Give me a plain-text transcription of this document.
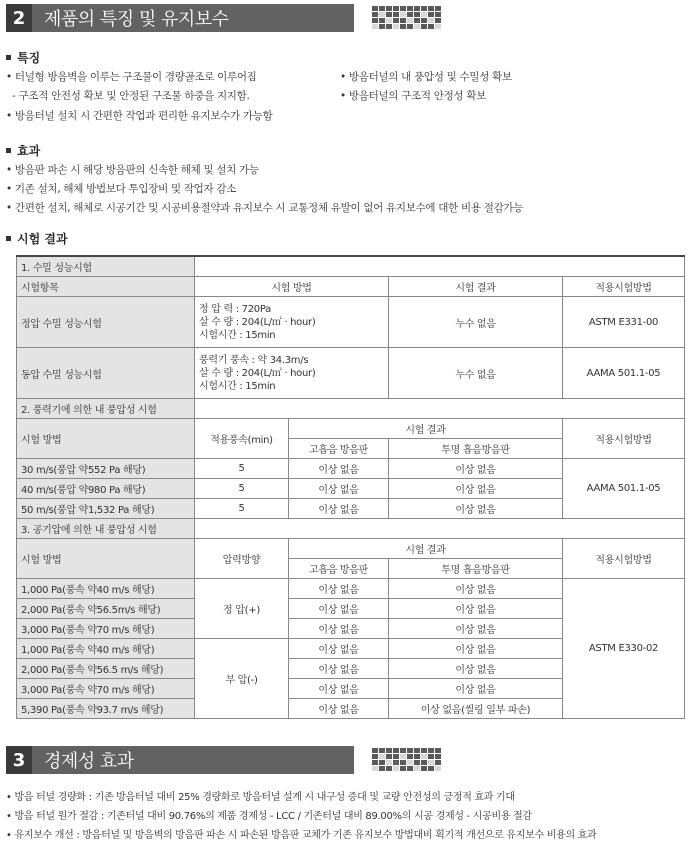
2	제품의 특징 및 유지보수
특징
• 터널형 방음벽을 이루는 구조물이 경량골조로 이루어짐
- 구조적 안전성 확보 및 안정된 구조물 하중을 지지함.
• 방음터널 설치 시 간편한 작업과 편리한 유지보수가 가능함
• 방음터널의 내 풍압성 및 수밀성 확보
• 방음터널의 구조적 안정성 확보
효과
• 방음판 파손 시 해당 방음판의 신속한 해체 및 설치 가능
• 기존 설치, 해체 방법보다 투입장비 및 작업자 감소
• 간편한 설치, 해체로 시공기간 및 시공비용절약과 유지보수 시 교통정체 유발이 없어 유지보수에 대한 비용 절감가능
시험 결과
1. 수밀 성능시험				
시험항목	시험 방법		시험 결과	적용시험방법
정압 수밀 성능시험	정 압 력 : 720Pa
살 수 량 : 204(L/㎡ · hour)
시험시간 : 15min		누수 없음	ASTM E331-00
동압 수밀 성능시험	풍력기 풍속 : 약 34.3m/s
살 수 량 : 204(L/㎡ · hour)
시험시간 : 15min		누수 없음	AAMA 501.1-05
2. 풍력기에 의한 내 풍압성 시험				
시험 방법	적용풍속(min)	시험 결과		적용시험방법
		고흡음 방음판	투명 흡음방음판	
30 m/s(풍압 약552 Pa 해당)	5	이상 없음	이상 없음	AAMA 501.1-05
40 m/s(풍압 약980 Pa 해당)	5	이상 없음	이상 없음	
50 m/s(풍압 약1,532 Pa 해당)	5	이상 없음	이상 없음	
3. 공기압에 의한 내 풍압성 시험				
시험 방법	압력방향	시험 결과		적용시험방법
		고흡음 방음판	투명 흡음방음판	
1,000 Pa(풍속 약40 m/s 해당)	정 압(+)	이상 없음	이상 없음	ASTM E330-02
2,000 Pa(풍속 약56.5m/s 해당)		이상 없음	이상 없음	
3,000 Pa(풍속 약70 m/s 해당)		이상 없음	이상 없음	
1,000 Pa(풍속 약40 m/s 해당)	부 압(-)	이상 없음	이상 없음	
2,000 Pa(풍속 약56.5 m/s 해당)		이상 없음	이상 없음	
3,000 Pa(풍속 약70 m/s 해당)		이상 없음	이상 없음	
5,390 Pa(풍속 약93.7 m/s 해당)		이상 없음	이상 없음(씰링 일부 파손)	
3	경제성 효과
• 방음 터널 경량화 : 기존 방음터널 대비 25% 경량화로 방음터널 설계 시 내구성 증대 및 교량 안전성의 긍정적 효과 기대
• 방음 터널 원가 절감 : 기존터널 대비 90.76%의 제품 경제성 - LCC / 기존터널 대비 89.00%의 시공 경제성 - 시공비용 절감
• 유지보수 개선 : 방음터널 및 방음벽의 방음판 파손 시 파손된 방음판 교체가 기존 유지보수 방법대비 획기적 개선으로 유지보수 비용의 효과
